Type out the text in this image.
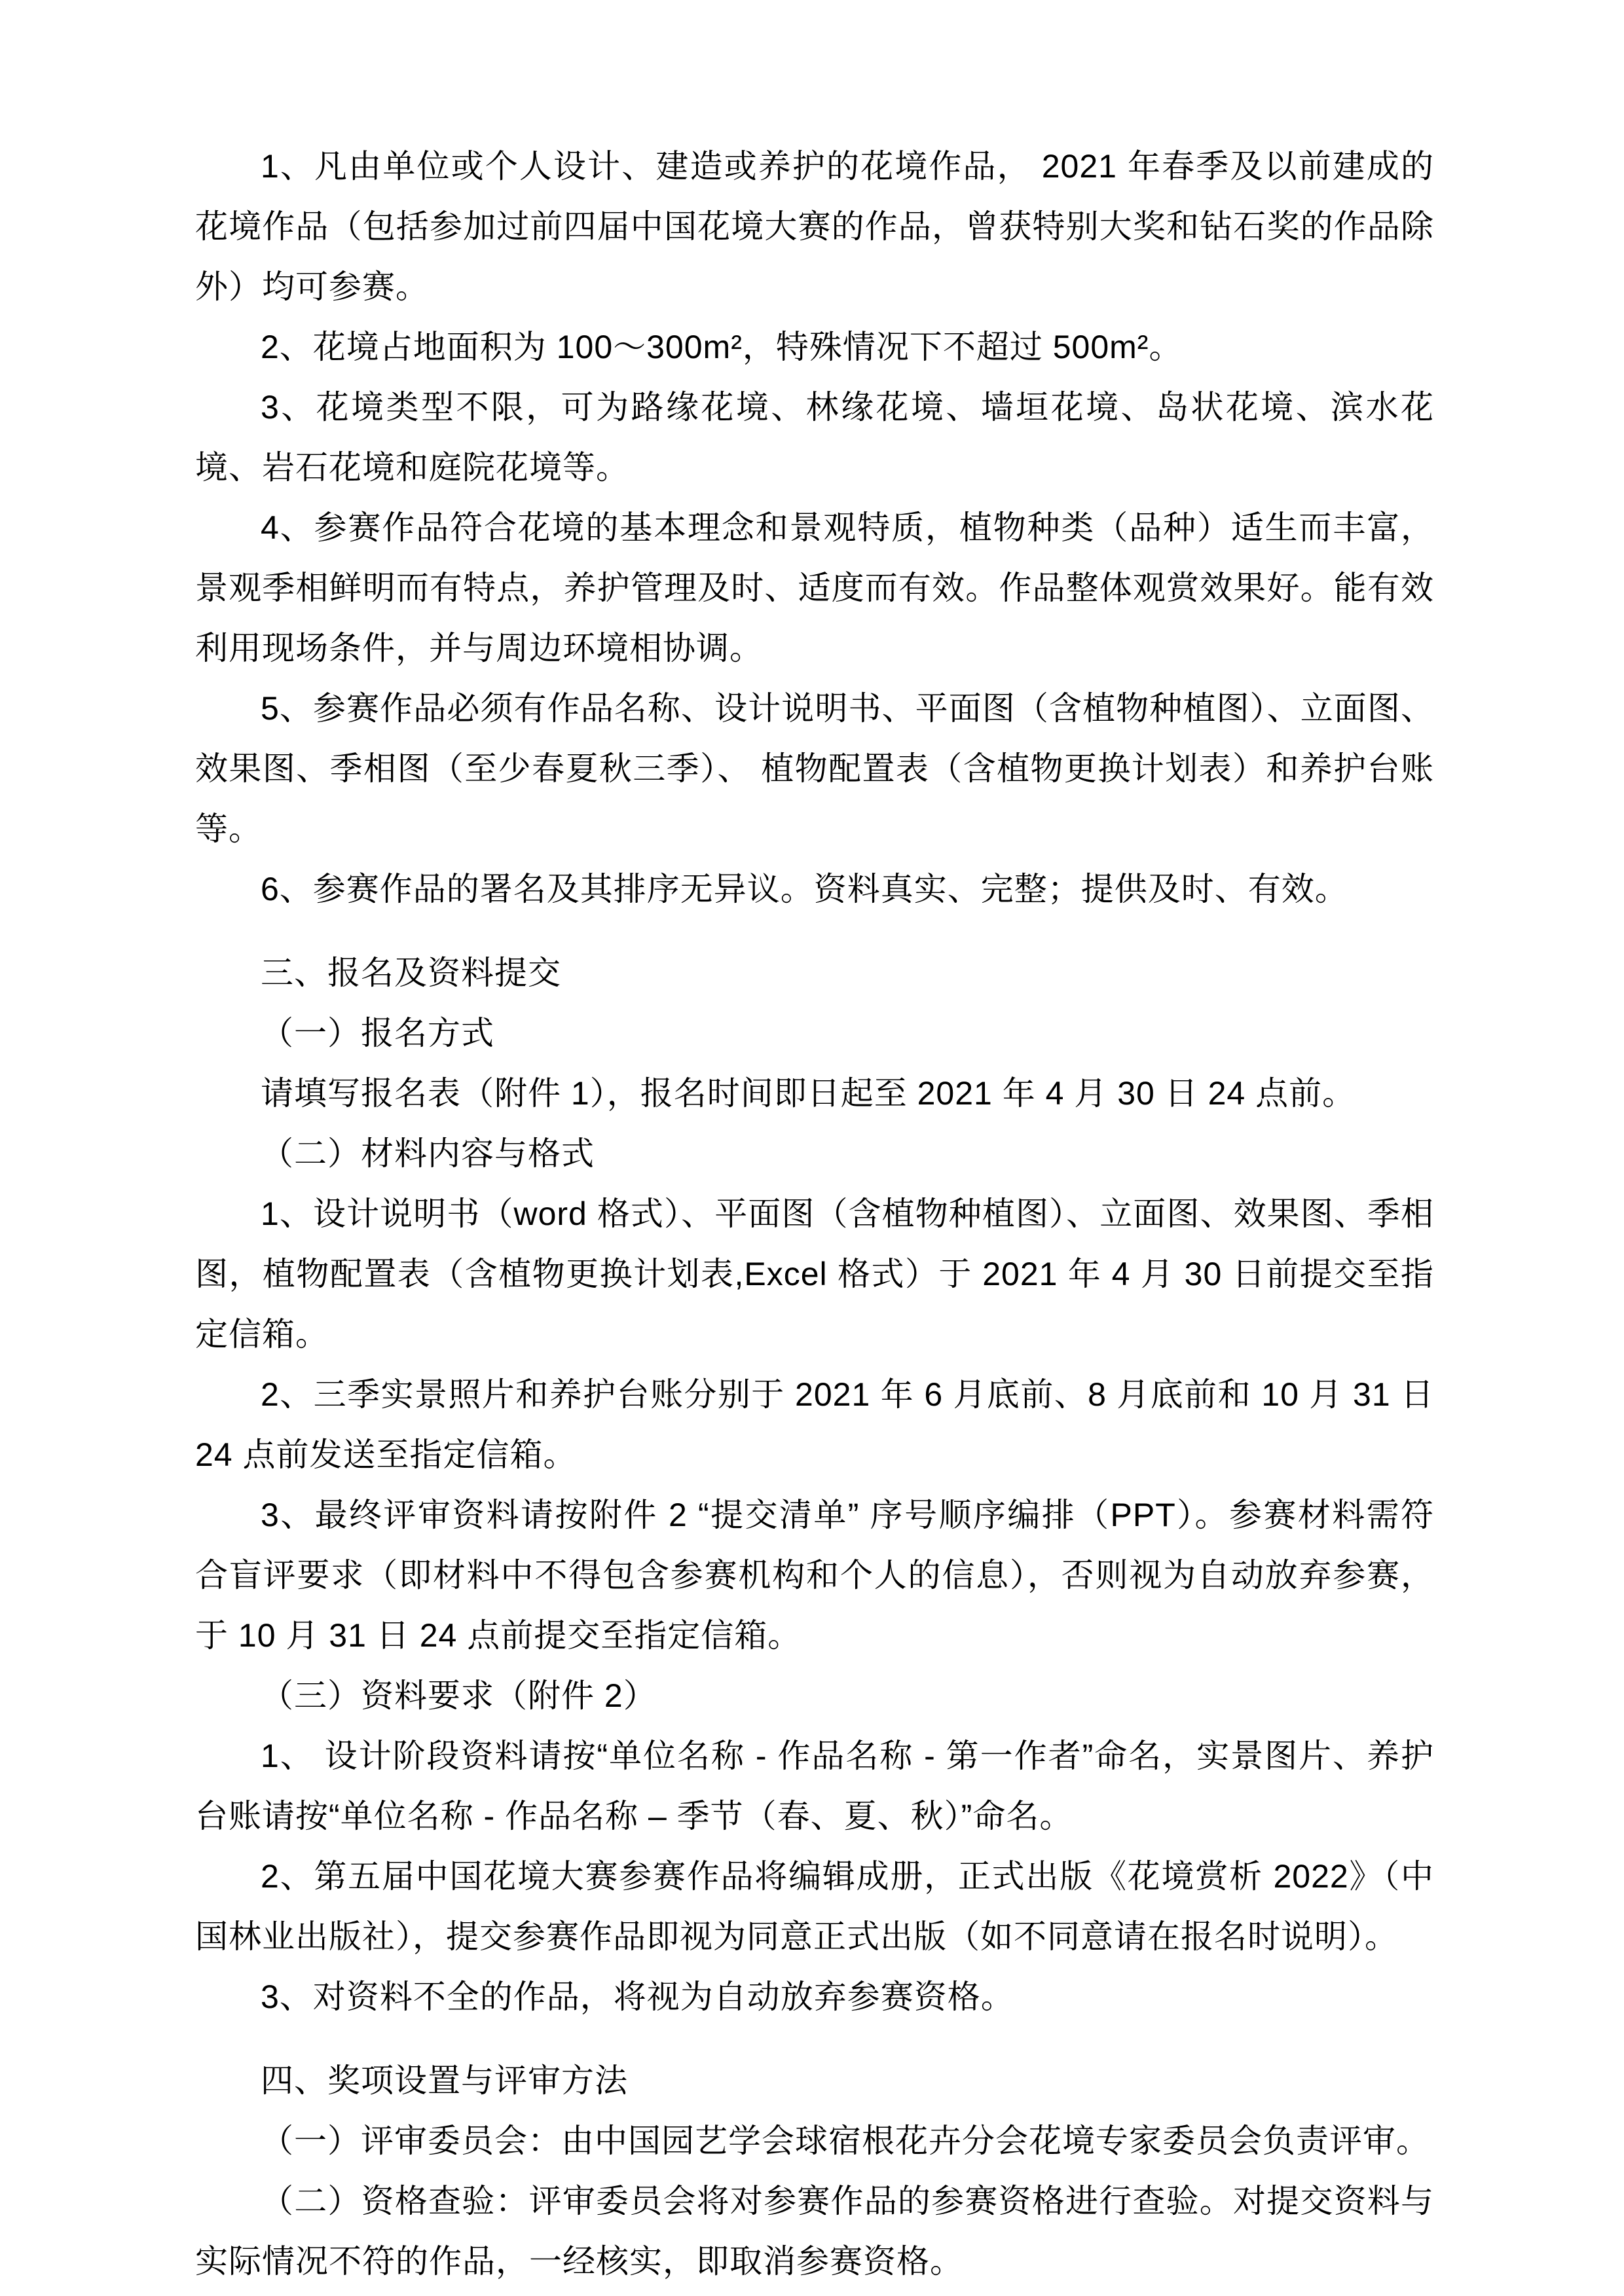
1、凡由单位或个人设计、建造或养护的花境作品， 2021 年春季及以前建成的花境作品（包括参加过前四届中国花境大赛的作品，曾获特别大奖和钻石奖的作品除外）均可参赛。

2、花境占地面积为 100～300m²，特殊情况下不超过 500m²。

3、花境类型不限，可为路缘花境、林缘花境、墙垣花境、岛状花境、滨水花境、岩石花境和庭院花境等。

4、参赛作品符合花境的基本理念和景观特质，植物种类（品种）适生而丰富，景观季相鲜明而有特点，养护管理及时、适度而有效。作品整体观赏效果好。能有效利用现场条件，并与周边环境相协调。

5、参赛作品必须有作品名称、设计说明书、平面图（含植物种植图）、立面图、效果图、季相图（至少春夏秋三季）、 植物配置表（含植物更换计划表）和养护台账等。

6、参赛作品的署名及其排序无异议。资料真实、完整；提供及时、有效。

三、报名及资料提交

（一）报名方式

请填写报名表（附件 1），报名时间即日起至 2021 年 4 月 30 日 24 点前。

（二）材料内容与格式

1、设计说明书（word 格式）、平面图（含植物种植图）、立面图、效果图、季相图，植物配置表（含植物更换计划表,Excel 格式）于 2021 年 4 月 30 日前提交至指定信箱。

2、三季实景照片和养护台账分别于 2021 年 6 月底前、8 月底前和 10 月 31 日 24 点前发送至指定信箱。

3、最终评审资料请按附件 2 “提交清单” 序号顺序编排（PPT）。参赛材料需符合盲评要求（即材料中不得包含参赛机构和个人的信息），否则视为自动放弃参赛，于 10 月 31 日 24 点前提交至指定信箱。

（三）资料要求（附件 2）

1、 设计阶段资料请按“单位名称 - 作品名称 - 第一作者”命名，实景图片、养护台账请按“单位名称 - 作品名称 – 季节（春、夏、秋）”命名。

2、第五届中国花境大赛参赛作品将编辑成册，正式出版《花境赏析 2022》（中国林业出版社），提交参赛作品即视为同意正式出版（如不同意请在报名时说明）。

3、对资料不全的作品，将视为自动放弃参赛资格。

四、奖项设置与评审方法

（一）评审委员会：由中国园艺学会球宿根花卉分会花境专家委员会负责评审。

（二）资格查验：评审委员会将对参赛作品的参赛资格进行查验。对提交资料与实际情况不符的作品，一经核实，即取消参赛资格。
